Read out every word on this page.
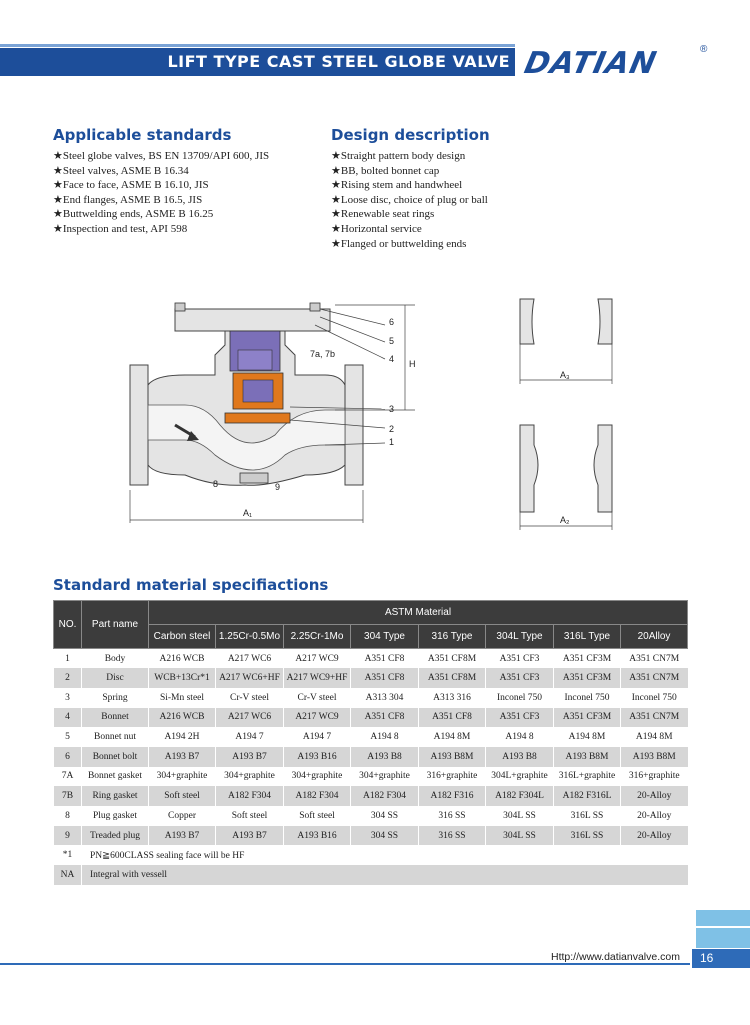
LIFT TYPE CAST STEEL GLOBE VALVE DATIAN	®
Applicable standards
★ Steel globe valves, BS EN 13709/API 600, JIS
★ Steel valves, ASME B 16.34
★ Face to face, ASME B 16.10, JIS
★ End flanges, ASME B 16.5, JIS
★ Buttwelding ends, ASME B 16.25
★ Inspection and test, API 598
Design description
★ Straight pattern body design
★ BB, bolted bonnet cap
★ Rising stem and handwheel
★ Loose disc, choice of plug or ball
★ Renewable seat rings
★ Horizontal service
★ Flanged or buttwelding ends
6
5
4
7a, 7b
3
2
1
8	9
H
A₁
A₃
A₂
Standard material specifiactions
NO.	Part name	ASTM Material							
		Carbon steel	1.25Cr-0.5Mo	2.25Cr-1Mo	304 Type	316 Type	304L Type	316L Type	20Alloy
1	Body	A216 WCB	A217 WC6	A217 WC9	A351 CF8	A351 CF8M	A351 CF3	A351 CF3M	A351 CN7M
2	Disc	WCB+13Cr*1	A217 WC6+HF	A217 WC9+HF	A351 CF8	A351 CF8M	A351 CF3	A351 CF3M	A351 CN7M
3	Spring	Si-Mn steel	Cr-V steel	Cr-V steel	A313 304	A313 316	Inconel 750	Inconel 750	Inconel 750
4	Bonnet	A216 WCB	A217 WC6	A217 WC9	A351 CF8	A351 CF8	A351 CF3	A351 CF3M	A351 CN7M
5	Bonnet nut	A194 2H	A194 7	A194 7	A194 8	A194 8M	A194 8	A194 8M	A194 8M
6	Bonnet bolt	A193 B7	A193 B7	A193 B16	A193 B8	A193 B8M	A193 B8	A193 B8M	A193 B8M
7A	Bonnet gasket	304+graphite	304+graphite	304+graphite	304+graphite	316+graphite	304L+graphite	316L+graphite	316+graphite
7B	Ring gasket	Soft steel	A182 F304	A182 F304	A182 F304	A182 F316	A182 F304L	A182 F316L	20-Alloy
8	Plug gasket	Copper	Soft steel	Soft steel	304 SS	316 SS	304L SS	316L SS	20-Alloy
9	Treaded plug	A193 B7	A193 B7	A193 B16	304 SS	316 SS	304L SS	316L SS	20-Alloy
*1	PN≧600CLASS sealing face will be HF								
NA	Integral with vessell								
Http://www.datianvalve.com	16
